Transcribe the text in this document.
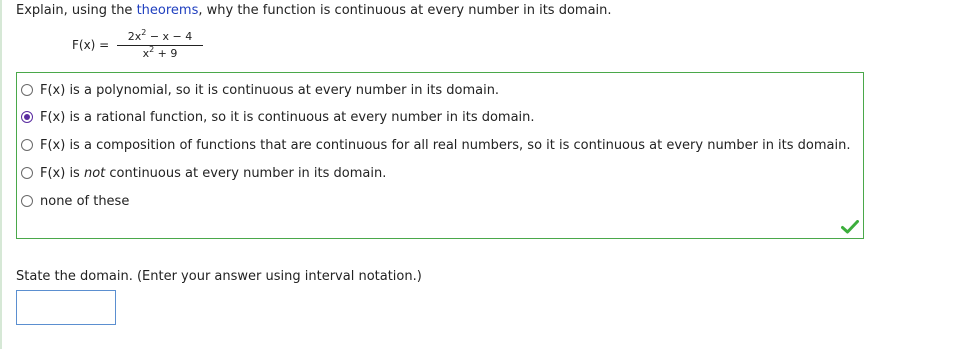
Explain, using the theorems, why the function is continuous at every number in its domain.
F(x) =
$2x^2 - x - 4$
$x^2 + 9$
F(x) is a polynomial, so it is continuous at every number in its domain.
F(x) is a rational function, so it is continuous at every number in its domain.
F(x) is a composition of functions that are continuous for all real numbers, so it is continuous at every number in its domain.
F(x) is not continuous at every number in its domain.
none of these
State the domain. (Enter your answer using interval notation.)
